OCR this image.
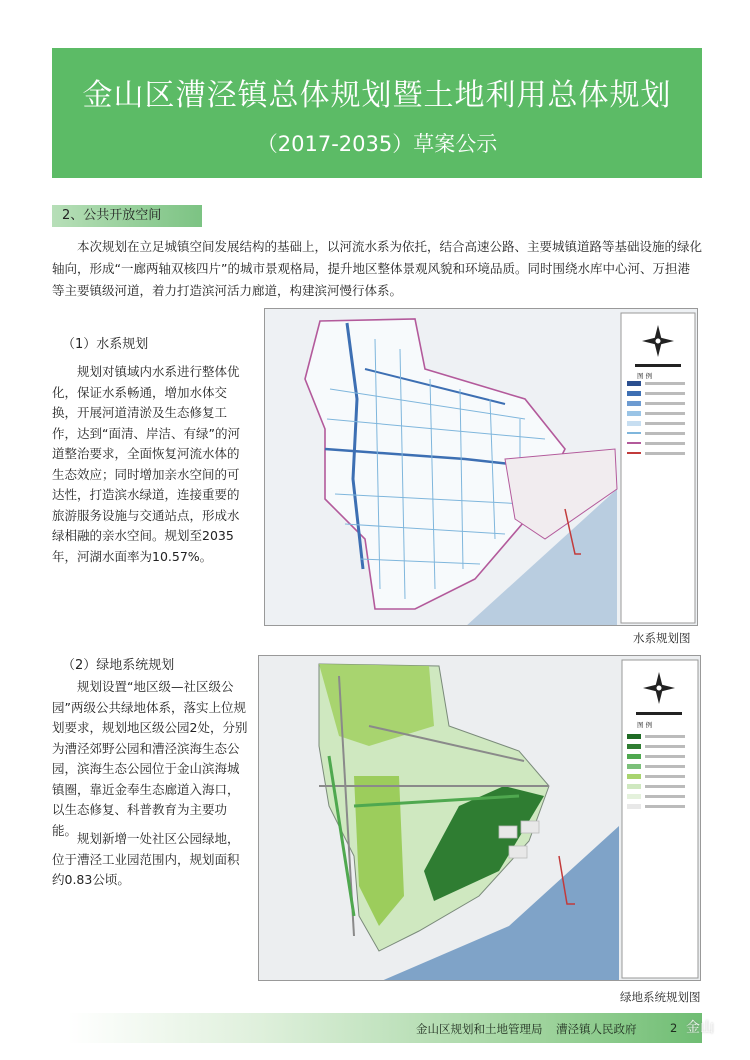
金山区漕泾镇总体规划暨土地利用总体规划
（2017-2035）草案公示
2、公共开放空间

本次规划在立足城镇空间发展结构的基础上，以河流水系为依托，结合高速公路、主要城镇道路等基础设施的绿化轴向，形成“一廊两轴双核四片”的城市景观格局，提升地区整体景观风貌和环境品质。同时围绕水库中心河、万担港等主要镇级河道，着力打造滨河活力廊道，构建滨河慢行体系。

（1）水系规划

规划对镇域内水系进行整体优化，保证水系畅通，增加水体交换，开展河道清淤及生态修复工作，达到“面清、岸洁、有绿”的河道整治要求，全面恢复河流水体的生态效应；同时增加亲水空间的可达性，打造滨水绿道，连接重要的旅游服务设施与交通站点，形成水绿相融的亲水空间。规划至2035年，河湖水面率为10.57%。

图 例
水系规划图
（2）绿地系统规划

规划设置“地区级—社区级公园”两级公共绿地体系，落实上位规划要求，规划地区级公园2处，分别为漕泾郊野公园和漕泾滨海生态公园，滨海生态公园位于金山滨海城镇圈，靠近金奉生态廊道入海口，以生态修复、科普教育为主要功能。

规划新增一处社区公园绿地，位于漕泾工业园范围内，规划面积约0.83公顷。

图 例
绿地系统规划图
金山区规划和土地管理局 漕泾镇人民政府	2 金山
